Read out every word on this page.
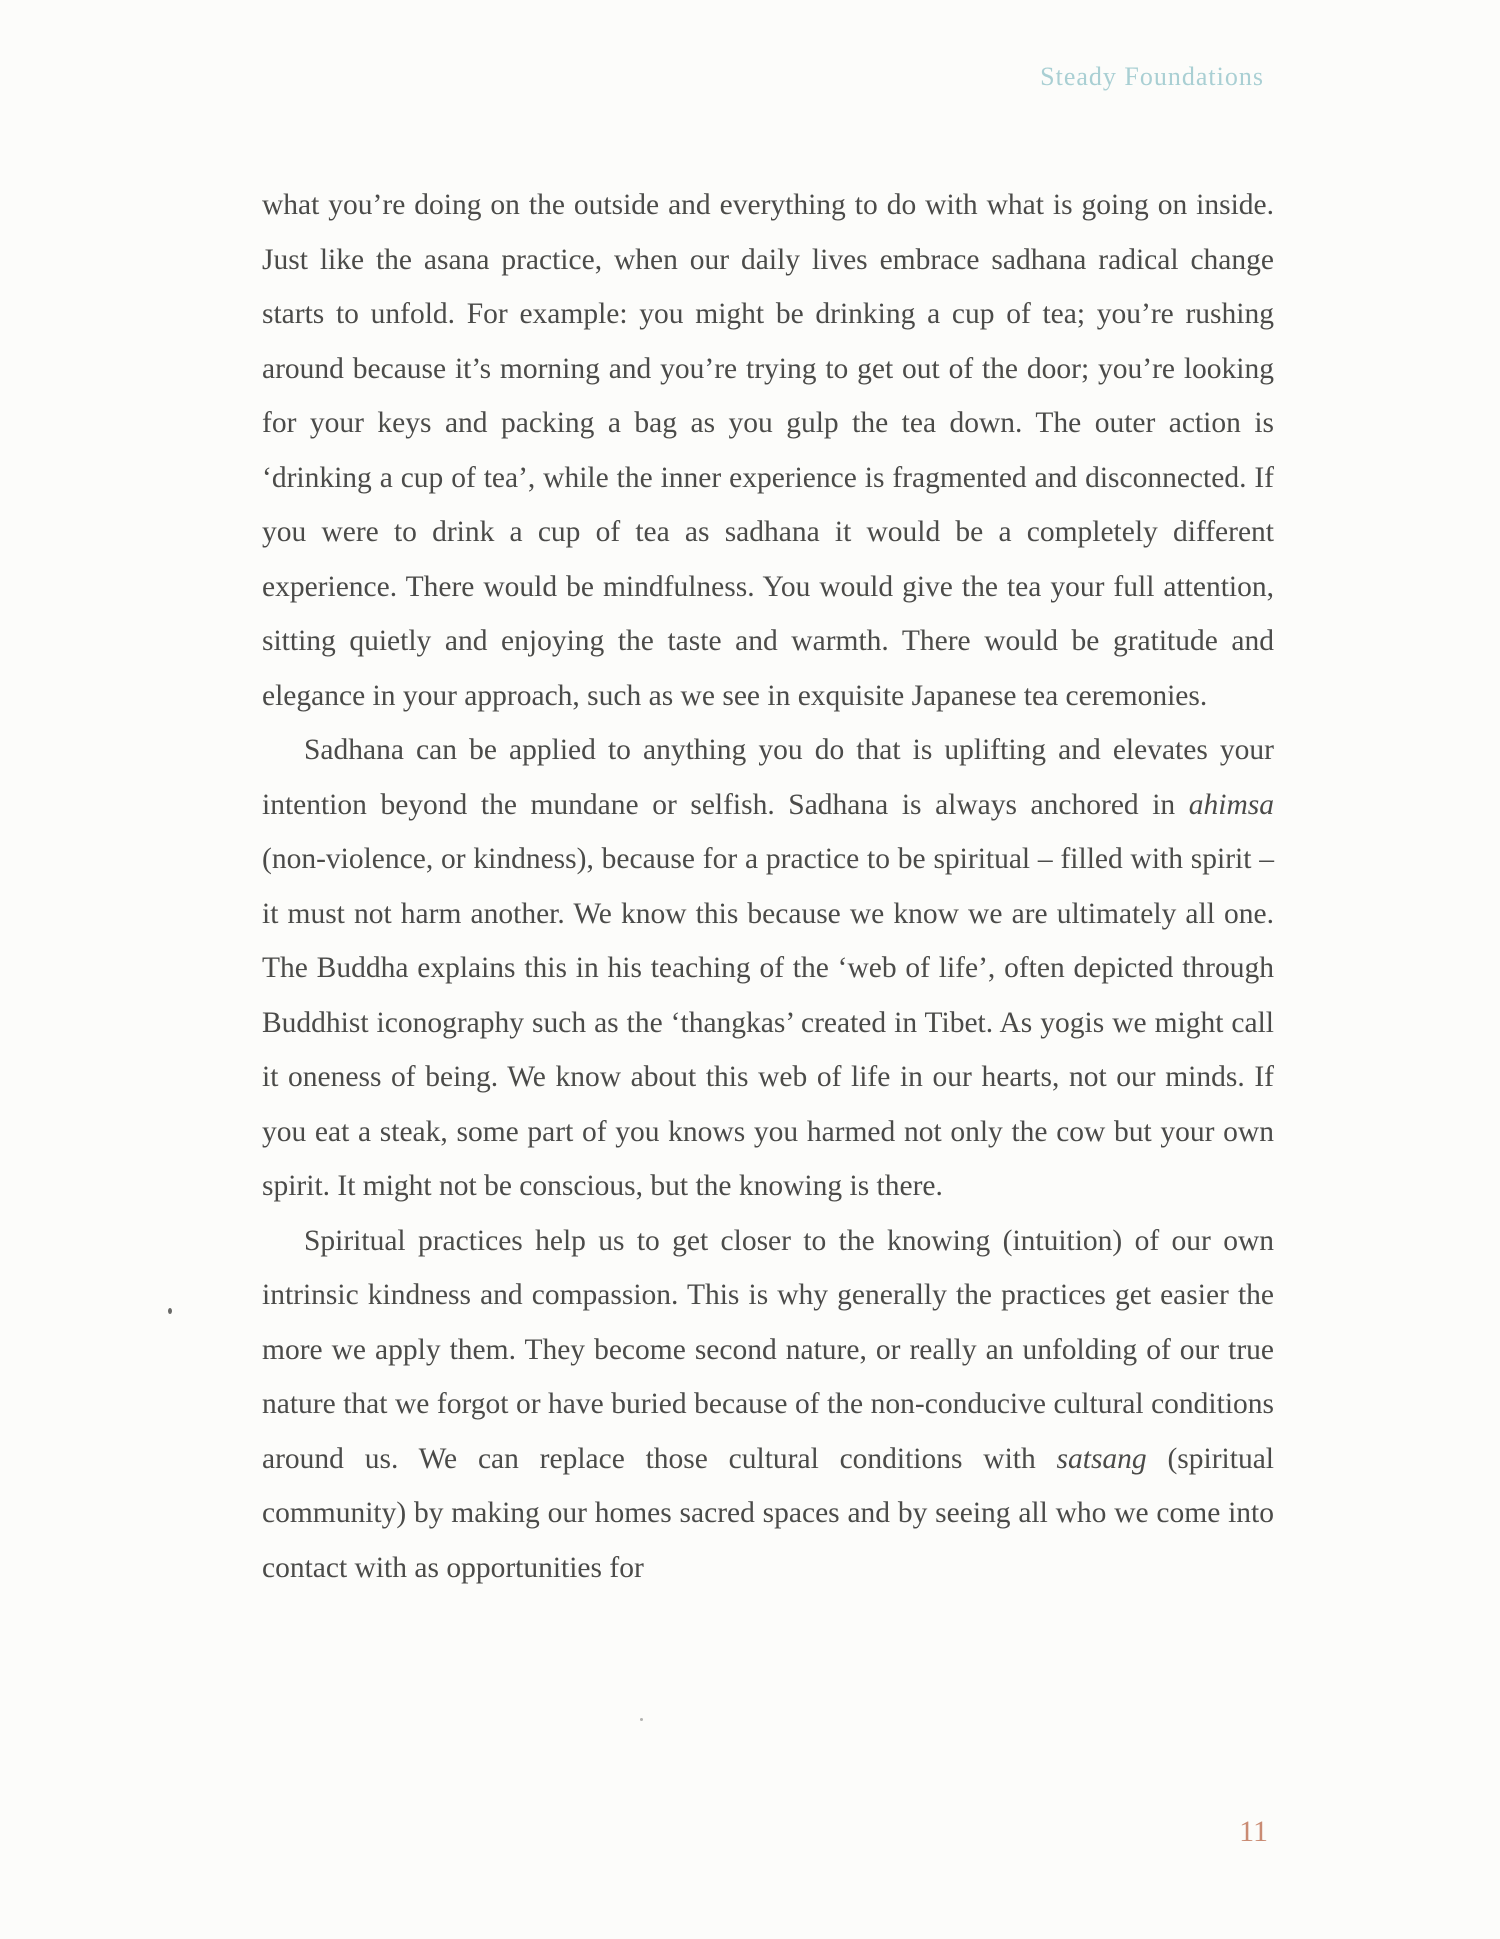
Steady Foundations

what you’re doing on the outside and everything to do with what is going on inside. Just like the asana practice, when our daily lives embrace sadhana radical change starts to unfold. For example: you might be drinking a cup of tea; you’re rushing around because it’s morning and you’re trying to get out of the door; you’re looking for your keys and packing a bag as you gulp the tea down. The outer action is ‘drinking a cup of tea’, while the inner experience is fragmented and disconnected. If you were to drink a cup of tea as sadhana it would be a completely different experience. There would be mindfulness. You would give the tea your full attention, sitting quietly and enjoying the taste and warmth. There would be gratitude and elegance in your approach, such as we see in exquisite Japanese tea ceremonies.

Sadhana can be applied to anything you do that is uplifting and elevates your intention beyond the mundane or selfish. Sadhana is always anchored in ahimsa (non-violence, or kindness), because for a practice to be spiritual – filled with spirit – it must not harm another. We know this because we know we are ultimately all one. The Buddha explains this in his teaching of the ‘web of life’, often depicted through Buddhist iconography such as the ‘thangkas’ created in Tibet. As yogis we might call it oneness of being. We know about this web of life in our hearts, not our minds. If you eat a steak, some part of you knows you harmed not only the cow but your own spirit. It might not be conscious, but the knowing is there.

Spiritual practices help us to get closer to the knowing (intuition) of our own intrinsic kindness and compassion. This is why generally the practices get easier the more we apply them. They become second nature, or really an unfolding of our true nature that we forgot or have buried because of the non-conducive cultural conditions around us. We can replace those cultural conditions with satsang (spiritual community) by making our homes sacred spaces and by seeing all who we come into contact with as opportunities for

11
